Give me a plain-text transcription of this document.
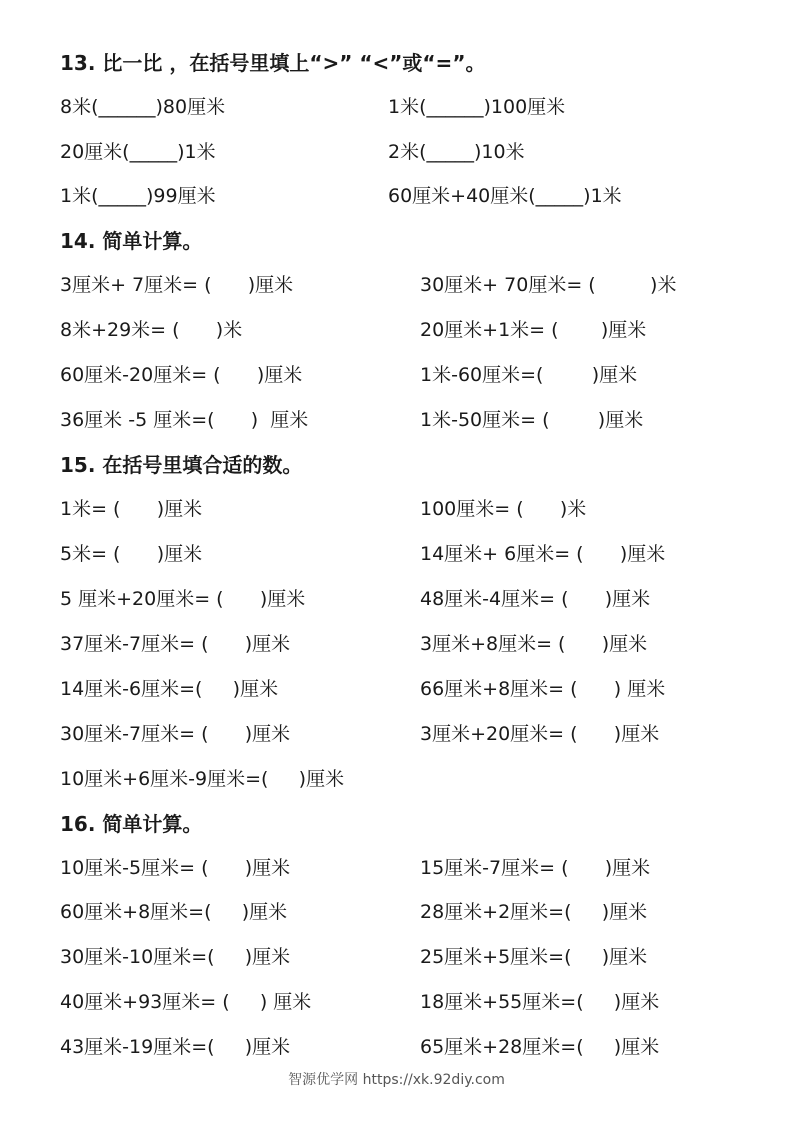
13. 比一比 ，在括号里填上“>” “<”或“=”。
8米(______)80厘米	1米(______)100厘米
20厘米(_____)1米	2米(_____)10米
1米(_____)99厘米	60厘米+40厘米(_____)1米
14. 简单计算。
3厘米+ 7厘米= (      )厘米	30厘米+ 70厘米= (         )米
8米+29米= (      )米	20厘米+1米= (       )厘米
60厘米-20厘米= (      )厘米	1米-60厘米=(        )厘米
36厘米 -5 厘米=(      )  厘米	1米-50厘米= (        )厘米
15. 在括号里填合适的数。
1米= (      )厘米	100厘米= (      )米
5米= (      )厘米	14厘米+ 6厘米= (      )厘米
5 厘米+20厘米= (      )厘米	48厘米-4厘米= (      )厘米
37厘米-7厘米= (      )厘米	3厘米+8厘米= (      )厘米
14厘米-6厘米=(     )厘米	66厘米+8厘米= (      ) 厘米
30厘米-7厘米= (      )厘米	3厘米+20厘米= (      )厘米
10厘米+6厘米-9厘米=(     )厘米
16. 简单计算。
10厘米-5厘米= (      )厘米	15厘米-7厘米= (      )厘米
60厘米+8厘米=(     )厘米	28厘米+2厘米=(     )厘米
30厘米-10厘米=(     )厘米	25厘米+5厘米=(     )厘米
40厘米+93厘米= (     ) 厘米	18厘米+55厘米=(     )厘米
43厘米-19厘米=(     )厘米	65厘米+28厘米=(     )厘米
智源优学网 https://xk.92diy.com
